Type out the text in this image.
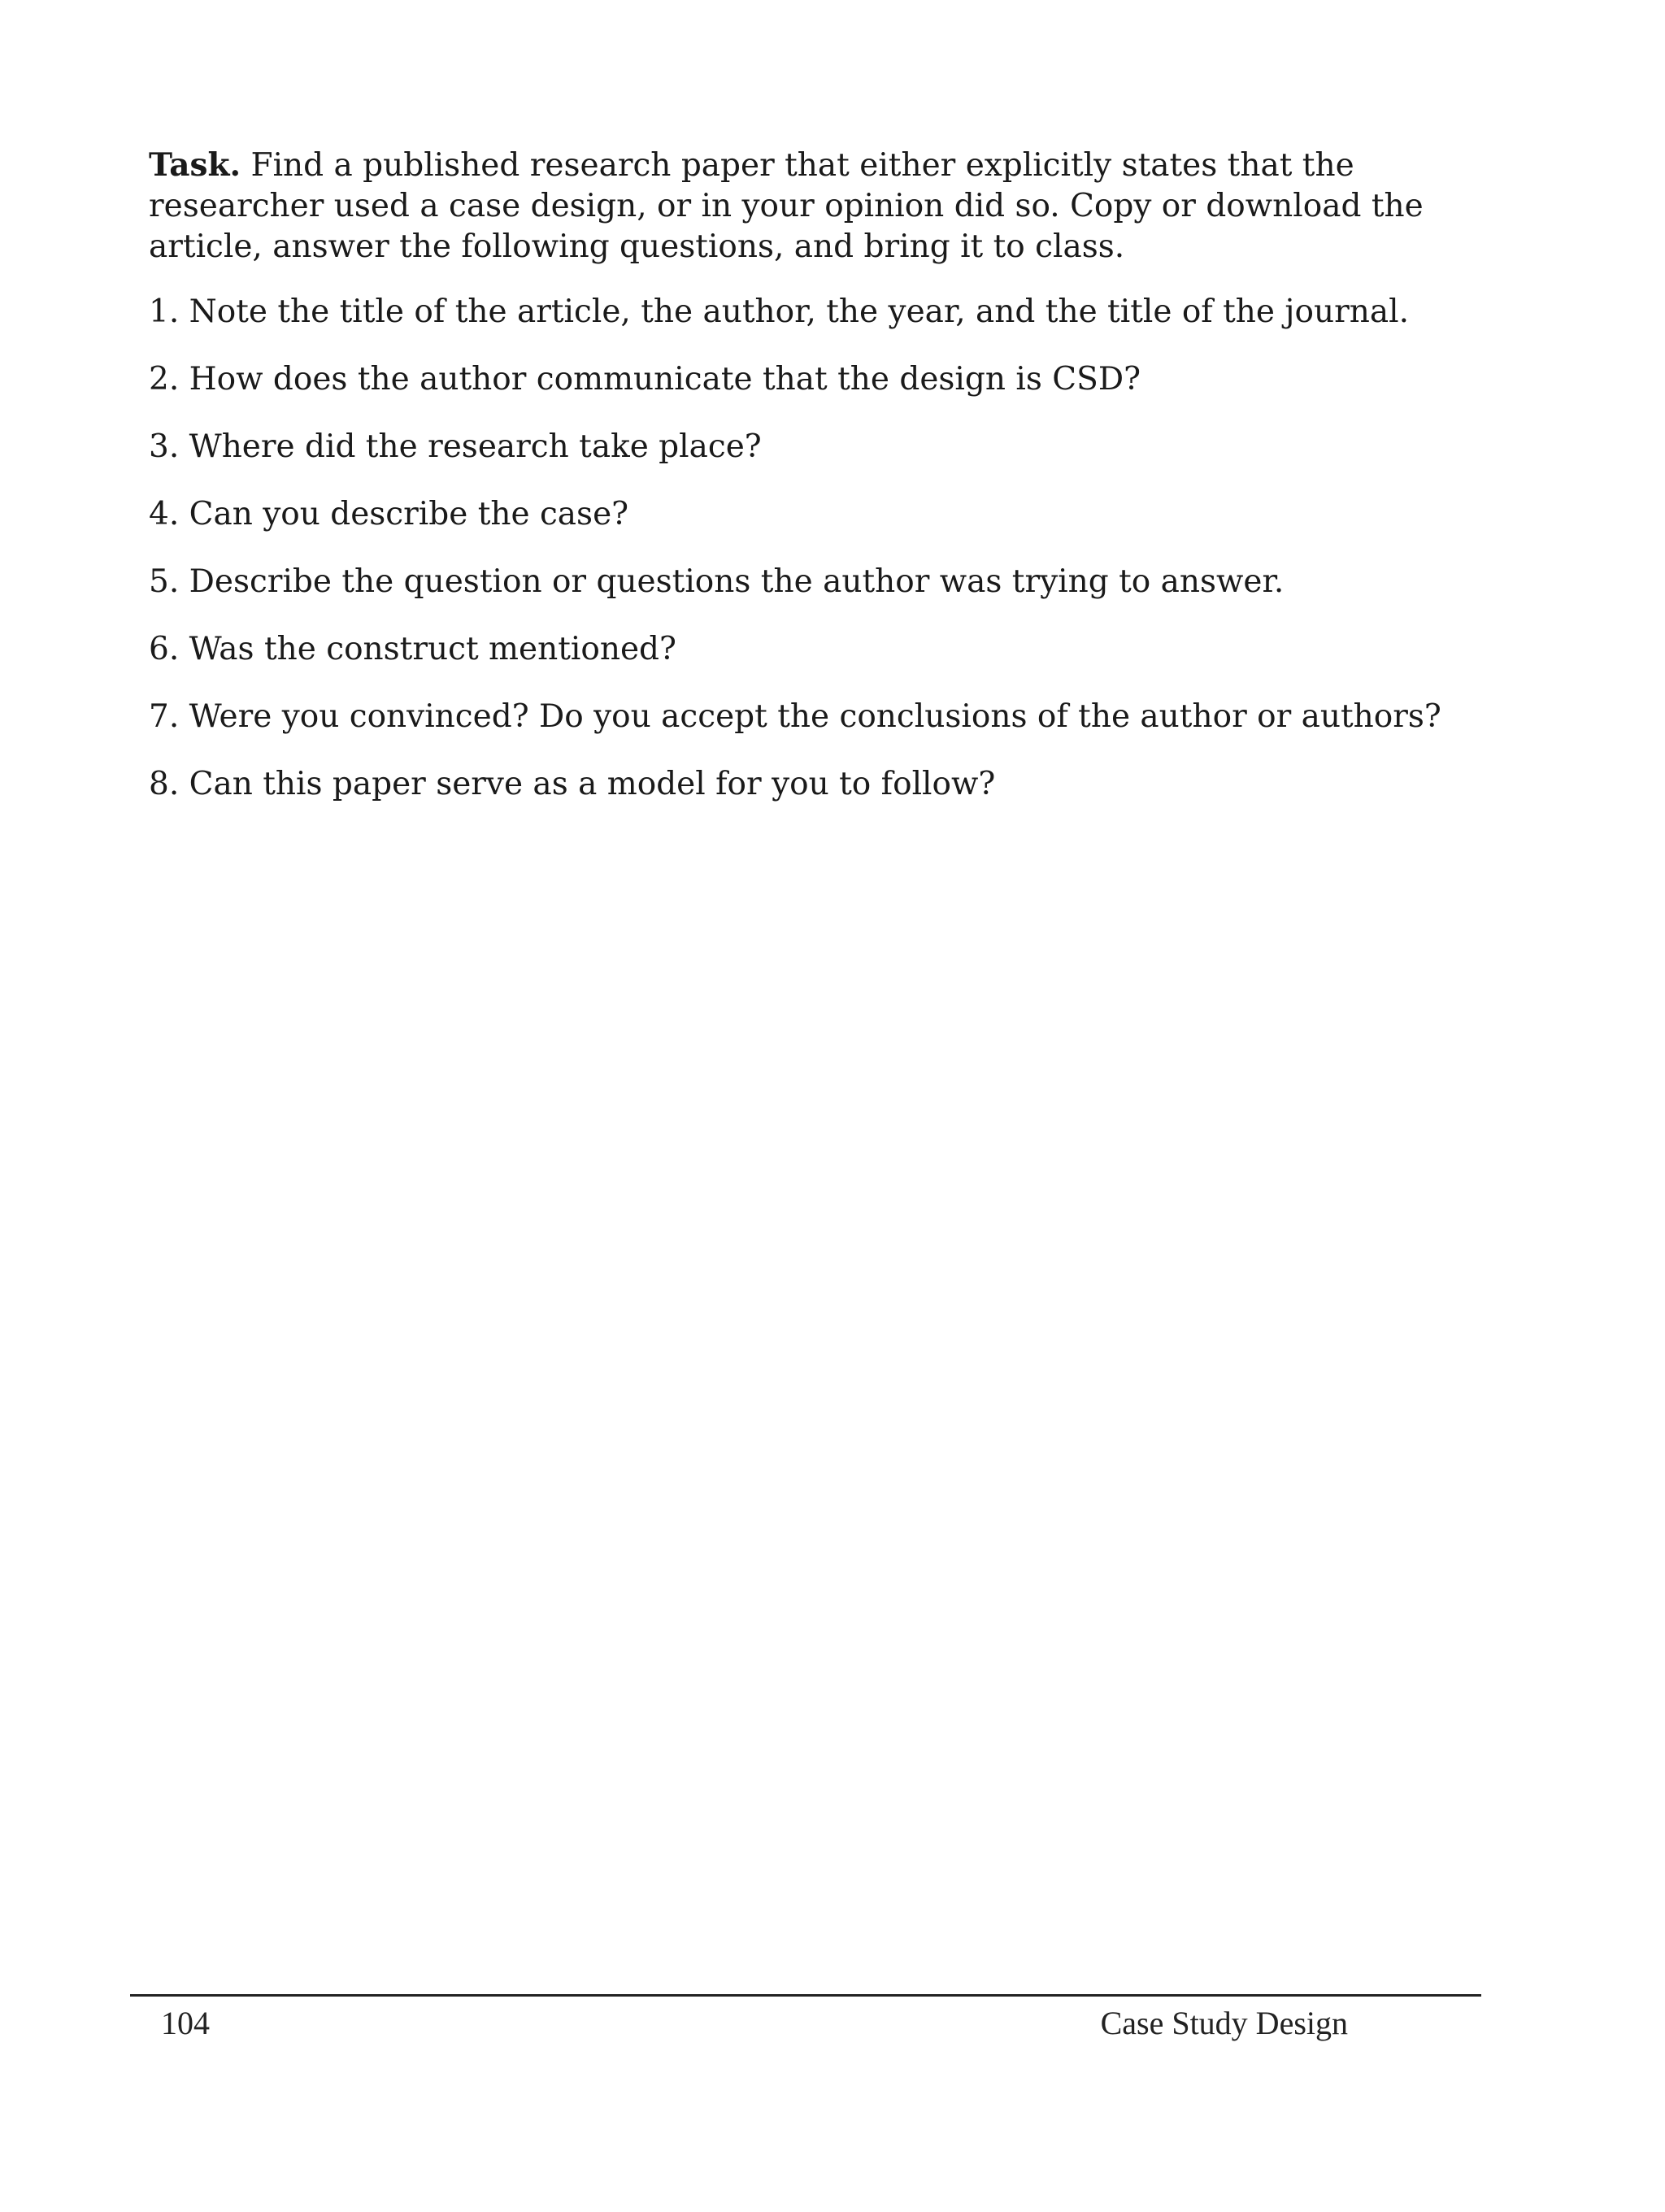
Task. Find a published research paper that either explicitly states that the researcher used a case design, or in your opinion did so. Copy or download the article, answer the following questions, and bring it to class.

1. Note the title of the article, the author, the year, and the title of the journal.

2. How does the author communicate that the design is CSD?

3. Where did the research take place?

4. Can you describe the case?

5. Describe the question or questions the author was trying to answer.

6. Was the construct mentioned?

7. Were you convinced? Do you accept the conclusions of the author or authors?

8. Can this paper serve as a model for you to follow?

104	Case Study Design
